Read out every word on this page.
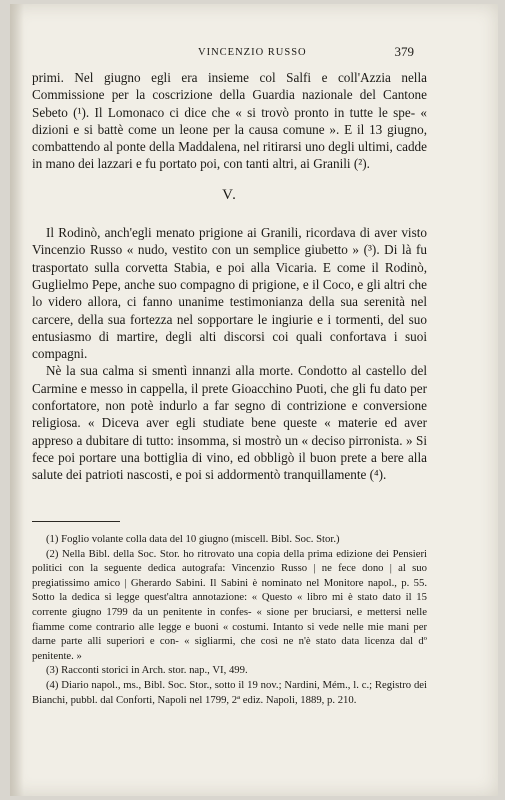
VINCENZIO RUSSO	379

primi. Nel giugno egli era insieme col Salfi e coll'Azzia nella Commissione per la coscrizione della Guardia nazionale del Cantone Sebeto (¹). Il Lomonaco ci dice che « si trovò pronto in tutte le spe- « dizioni e si battè come un leone per la causa comune ». E il 13 giugno, combattendo al ponte della Maddalena, nel ritirarsi uno degli ultimi, cadde in mano dei lazzari e fu portato poi, con tanti altri, ai Granili (²).

V.

Il Rodinò, anch'egli menato prigione ai Granili, ricordava di aver visto Vincenzio Russo « nudo, vestito con un semplice giubetto » (³). Di là fu trasportato sulla corvetta Stabia, e poi alla Vicaria. E come il Rodinò, Guglielmo Pepe, anche suo compagno di prigione, e il Coco, e gli altri che lo videro allora, ci fanno unanime testimonianza della sua serenità nel carcere, della sua fortezza nel sopportare le ingiurie e i tormenti, del suo entusiasmo di martire, degli alti discorsi coi quali confortava i suoi compagni.

Nè la sua calma si smentì innanzi alla morte. Condotto al castello del Carmine e messo in cappella, il prete Gioacchino Puoti, che gli fu dato per confortatore, non potè indurlo a far segno di contrizione e conversione religiosa. « Diceva aver egli studiate bene queste « materie ed aver appreso a dubitare di tutto: insomma, si mostrò un « deciso pirronista. » Si fece poi portare una bottiglia di vino, ed obbligò il buon prete a bere alla salute dei patrioti nascosti, e poi si addormentò tranquillamente (⁴).

(1) Foglio volante colla data del 10 giugno (miscell. Bibl. Soc. Stor.)

(2) Nella Bibl. della Soc. Stor. ho ritrovato una copia della prima edizione dei Pensieri politici con la seguente dedica autografa: Vincenzio Russo | ne fece dono | al suo pregiatissimo amico | Gherardo Sabini. Il Sabini è nominato nel Monitore napol., p. 55. Sotto la dedica si legge quest'altra annotazione: « Questo « libro mi è stato dato il 15 corrente giugno 1799 da un penitente in confes- « sione per bruciarsi, e mettersi nelle fiamme come contrario alle legge e buoni « costumi. Intanto si vede nelle mie mani per darne parte alli superiori e con- « sigliarmi, che così ne n'è stato data licenza dal dº penitente. »

(3) Racconti storici in Arch. stor. nap., VI, 499.

(4) Diario napol., ms., Bibl. Soc. Stor., sotto il 19 nov.; Nardini, Mém., l. c.; Registro dei Bianchi, pubbl. dal Conforti, Napoli nel 1799, 2ª ediz. Napoli, 1889, p. 210.
